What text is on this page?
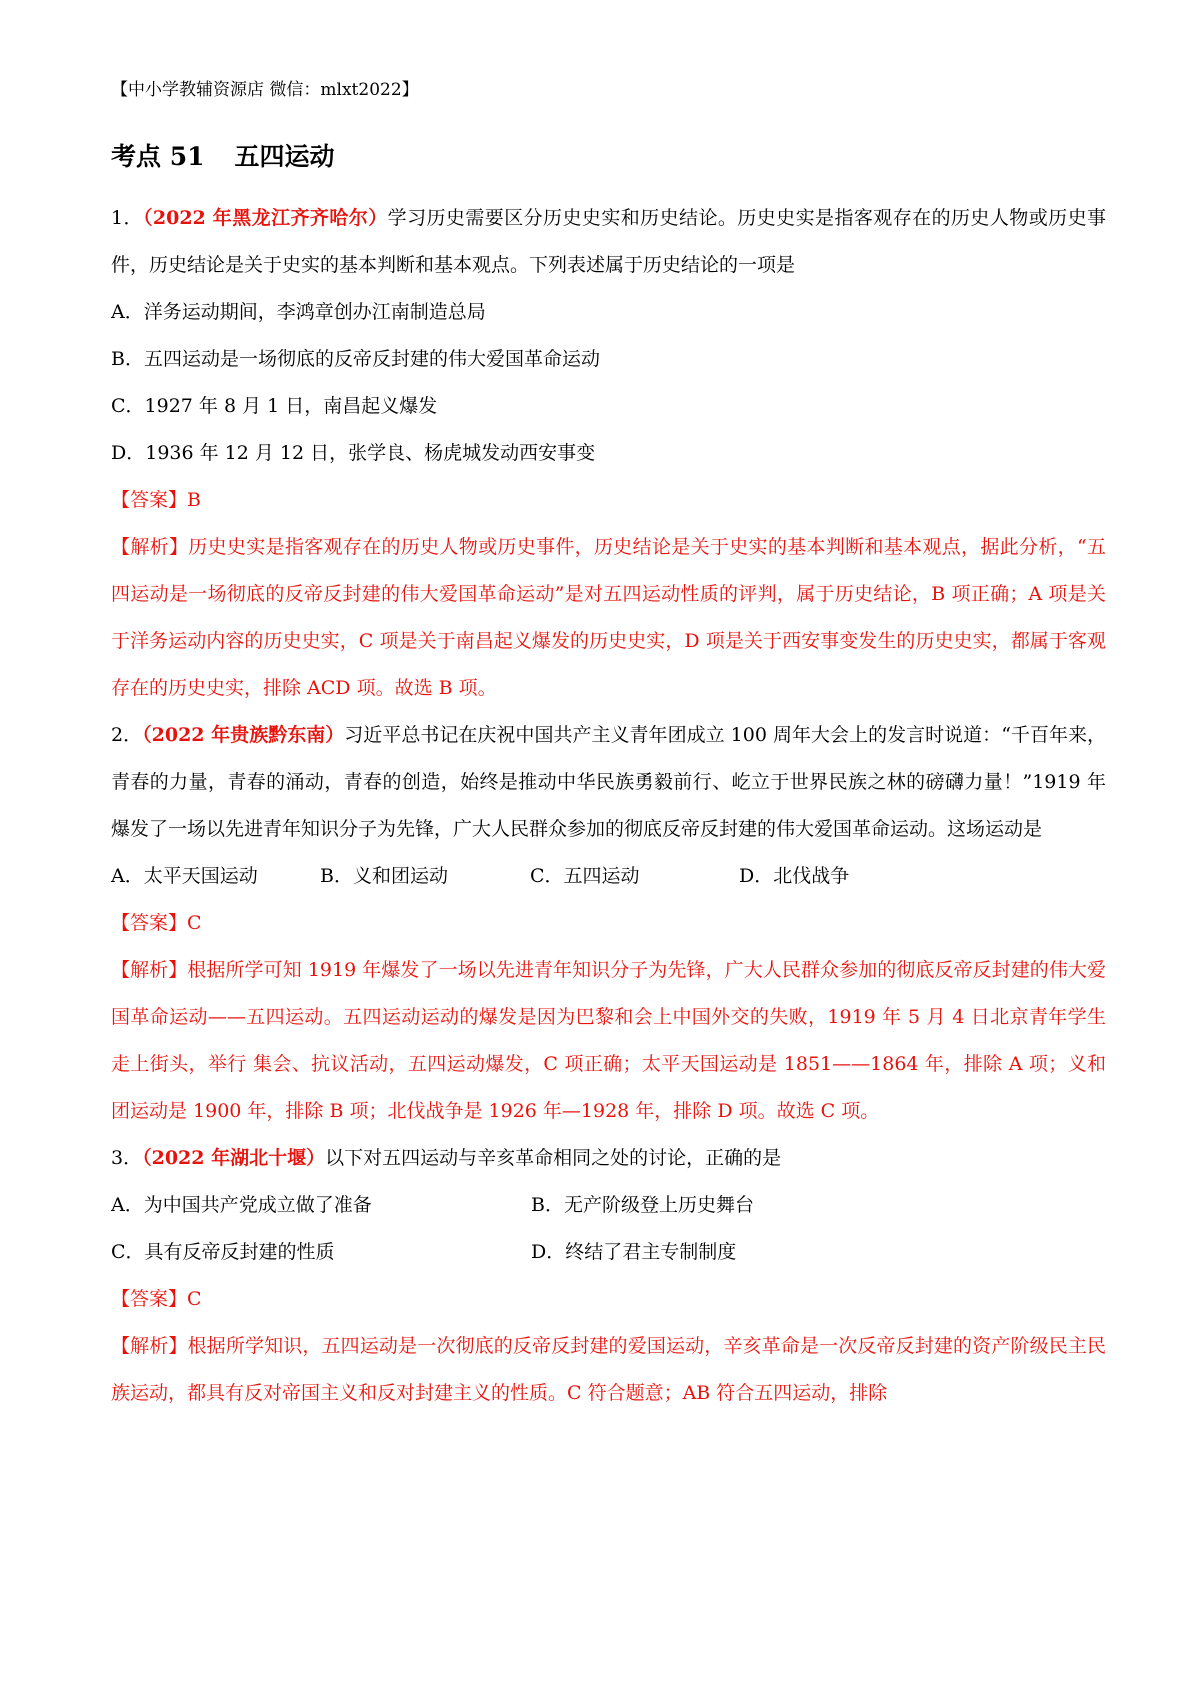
【中小学教辅资源店 微信：mlxt2022】
考点 51 五四运动

1．（2022 年黑龙江齐齐哈尔）学习历史需要区分历史史实和历史结论。历史史实是指客观存在的历史人物或历史事件，历史结论是关于史实的基本判断和基本观点。下列表述属于历史结论的一项是

A．洋务运动期间，李鸿章创办江南制造总局

B．五四运动是一场彻底的反帝反封建的伟大爱国革命运动

C．1927 年 8 月 1 日，南昌起义爆发

D．1936 年 12 月 12 日，张学良、杨虎城发动西安事变

【答案】B

【解析】历史史实是指客观存在的历史人物或历史事件，历史结论是关于史实的基本判断和基本观点，据此分析，“五四运动是一场彻底的反帝反封建的伟大爱国革命运动”是对五四运动性质的评判，属于历史结论，B 项正确；A 项是关于洋务运动内容的历史史实，C 项是关于南昌起义爆发的历史史实，D 项是关于西安事变发生的历史史实，都属于客观存在的历史史实，排除 ACD 项。故选 B 项。

2．（2022 年贵族黔东南）习近平总书记在庆祝中国共产主义青年团成立 100 周年大会上的发言时说道：“千百年来，青春的力量，青春的涌动，青春的创造，始终是推动中华民族勇毅前行、屹立于世界民族之林的磅礴力量！”1919 年爆发了一场以先进青年知识分子为先锋，广大人民群众参加的彻底反帝反封建的伟大爱国革命运动。这场运动是

A．太平天国运动	B．义和团运动	C．五四运动	D．北伐战争

【答案】C

【解析】根据所学可知 1919 年爆发了一场以先进青年知识分子为先锋，广大人民群众参加的彻底反帝反封建的伟大爱国革命运动——五四运动。五四运动运动的爆发是因为巴黎和会上中国外交的失败，1919 年 5 月 4 日北京青年学生走上街头，举行 集会、抗议活动，五四运动爆发，C 项正确；太平天国运动是 1851——1864 年，排除 A 项；义和团运动是 1900 年，排除 B 项；北伐战争是 1926 年—1928 年，排除 D 项。故选 C 项。

3．（2022 年湖北十堰）以下对五四运动与辛亥革命相同之处的讨论，正确的是

A．为中国共产党成立做了准备	B．无产阶级登上历史舞台
C．具有反帝反封建的性质	D．终结了君主专制制度

【答案】C

【解析】根据所学知识，五四运动是一次彻底的反帝反封建的爱国运动，辛亥革命是一次反帝反封建的资产阶级民主民族运动，都具有反对帝国主义和反对封建主义的性质。C 符合题意；AB 符合五四运动，排除
